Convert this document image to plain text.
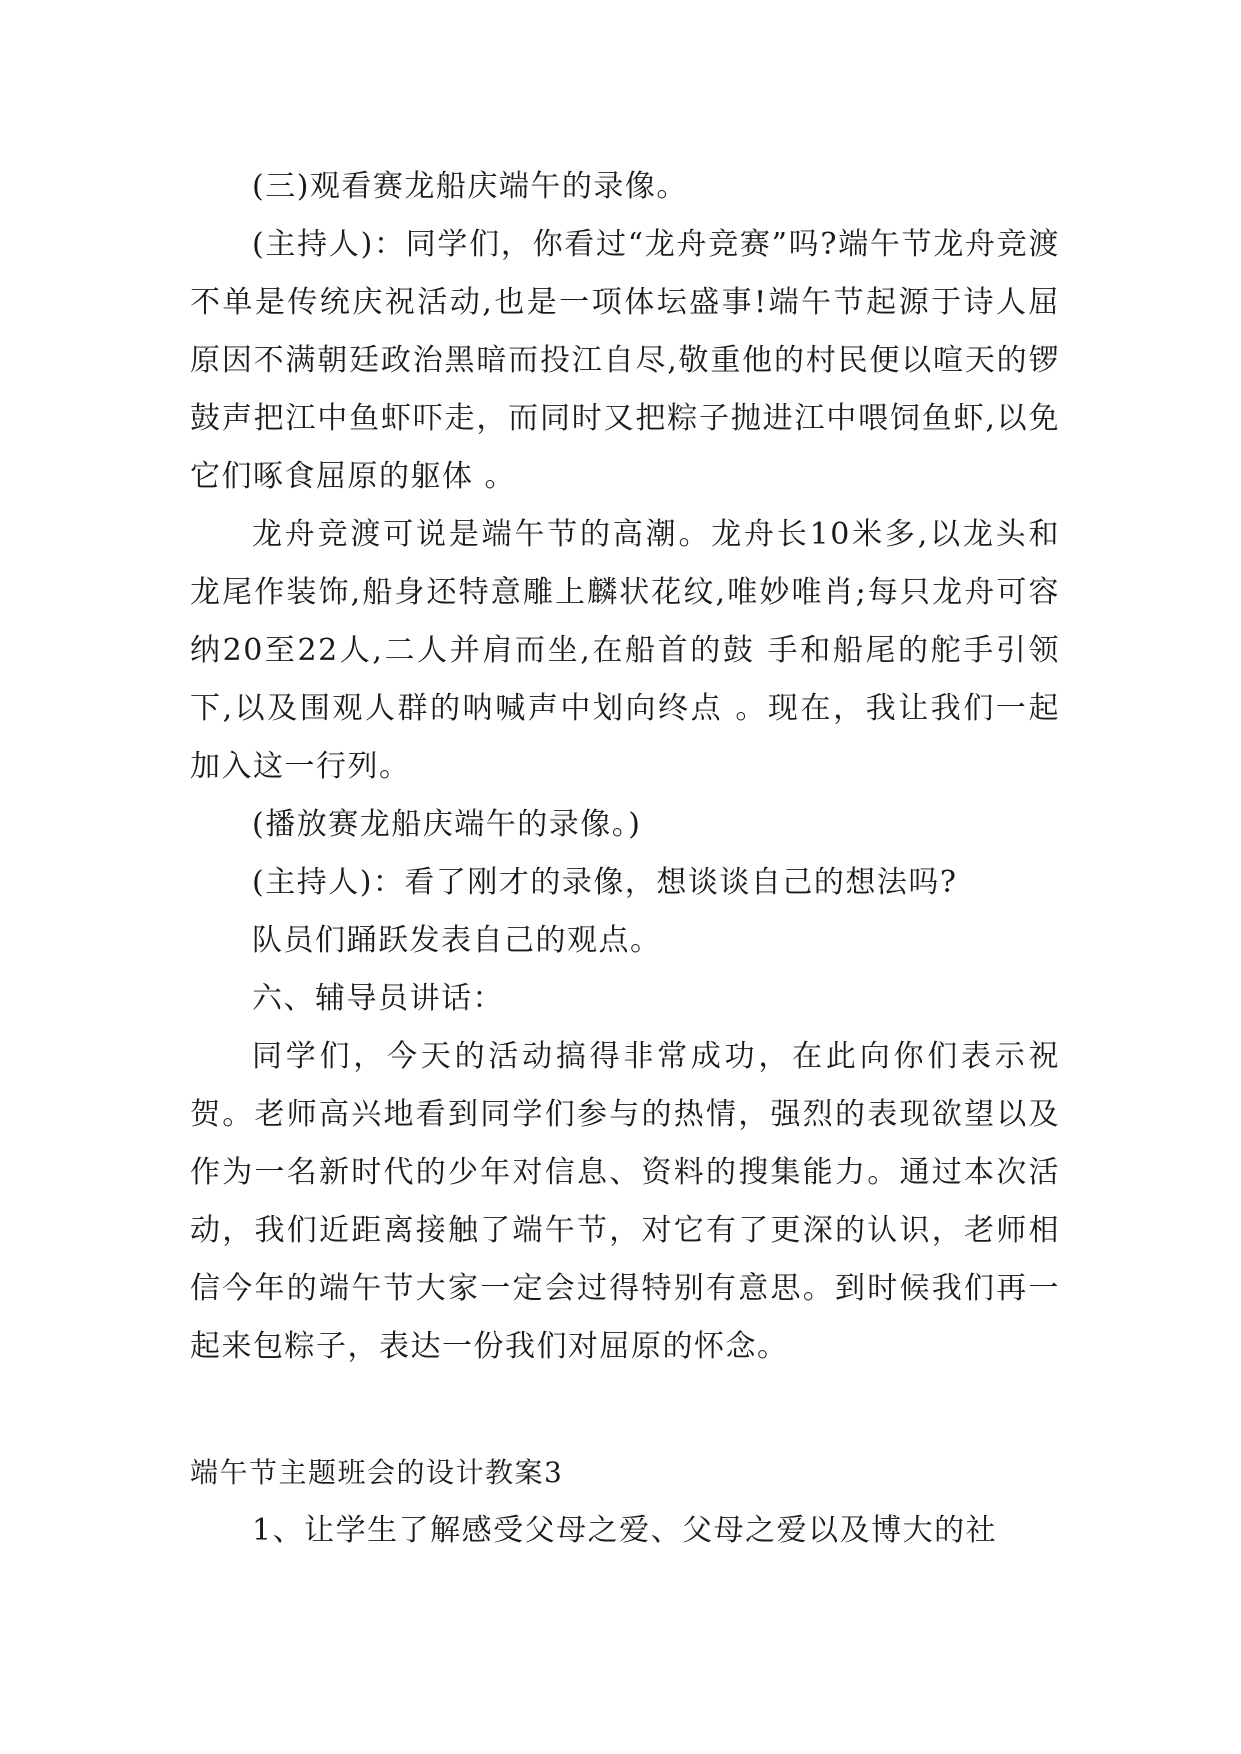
(三)观看赛龙船庆端午的录像。

(主持人)：同学们，你看过“龙舟竞赛”吗?端午节龙舟竞渡不单是传统庆祝活动,也是一项体坛盛事!端午节起源于诗人屈原因不满朝廷政治黑暗而投江自尽,敬重他的村民便以喧天的锣鼓声把江中鱼虾吓走，而同时又把粽子抛进江中喂饲鱼虾,以免它们啄食屈原的躯体 。

龙舟竞渡可说是端午节的高潮。龙舟长10米多,以龙头和龙尾作装饰,船身还特意雕上麟状花纹,唯妙唯肖;每只龙舟可容纳20至22人,二人并肩而坐,在船首的鼓 手和船尾的舵手引领下,以及围观人群的呐喊声中划向终点 。现在，我让我们一起加入这一行列。

(播放赛龙船庆端午的录像。)

(主持人)：看了刚才的录像，想谈谈自己的想法吗?

队员们踊跃发表自己的观点。

六、辅导员讲话：

同学们，今天的活动搞得非常成功，在此向你们表示祝贺。老师高兴地看到同学们参与的热情，强烈的表现欲望以及作为一名新时代的少年对信息、资料的搜集能力。通过本次活动，我们近距离接触了端午节，对它有了更深的认识，老师相信今年的端午节大家一定会过得特别有意思。到时候我们再一起来包粽子，表达一份我们对屈原的怀念。

端午节主题班会的设计教案3

1、让学生了解感受父母之爱、父母之爱以及博大的社
